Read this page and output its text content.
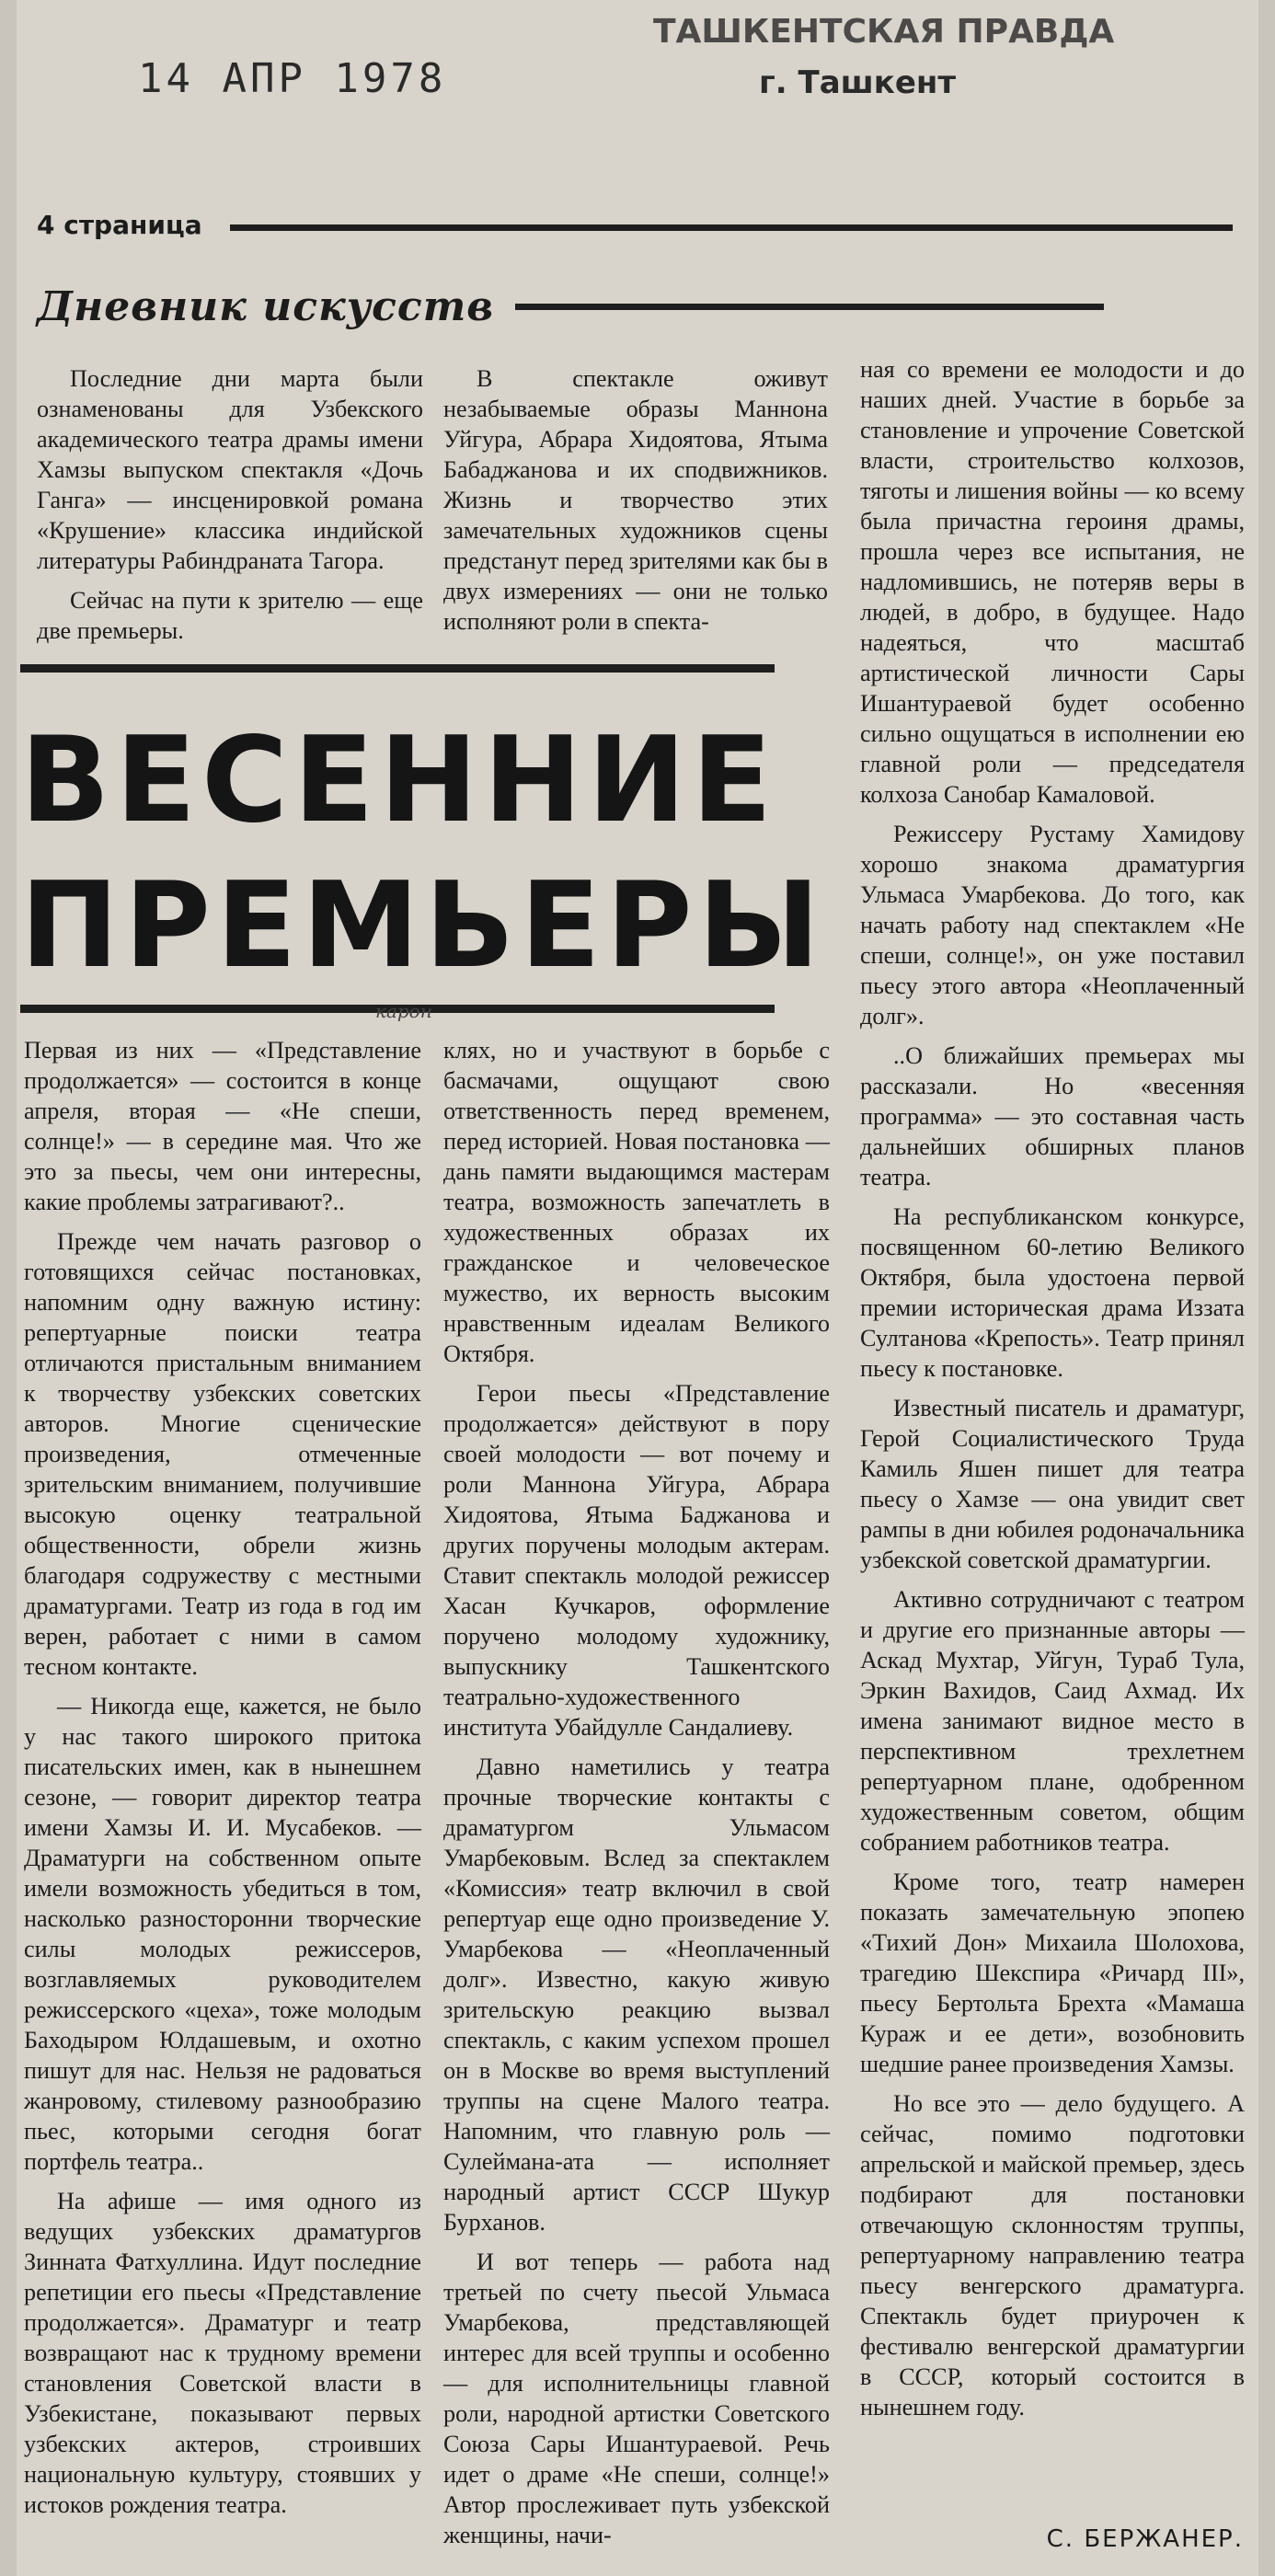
14 АПР 1978
ТАШКЕНТСКАЯ ПРАВДА
г. Ташкент
4 страница
Дневник искусств

Последние дни марта были ознаменованы для Узбекского академического театра драмы имени Хамзы выпуском спектакля «Дочь Ганга» — инсценировкой романа «Крушение» классика индийской литературы Рабиндраната Тагора.

Сейчас на пути к зрителю — еще две премьеры.

В спектакле оживут незабываемые образы Маннона Уйгура, Абрара Хидоятова, Ятыма Бабаджанова и их сподвижников. Жизнь и творчество этих замечательных художников сцены предстанут перед зрителями как бы в двух измерениях — они не только исполняют роли в спекта-

ВЕСЕННИЕ
ПРЕМЬЕРЫ
карон

Первая из них — «Представление продолжается» — состоится в конце апреля, вторая — «Не спеши, солнце!» — в середине мая. Что же это за пьесы, чем они интересны, какие проблемы затрагивают?..

Прежде чем начать разговор о готовящихся сейчас постановках, напомним одну важную истину: репертуарные поиски театра отличаются пристальным вниманием к творчеству узбекских советских авторов. Многие сценические произведения, отмеченные зрительским вниманием, получившие высокую оценку театральной общественности, обрели жизнь благодаря содружеству с местными драматургами. Театр из года в год им верен, работает с ними в самом тесном контакте.

— Никогда еще, кажется, не было у нас такого широкого притока писательских имен, как в нынешнем сезоне, — говорит директор театра имени Хамзы И. И. Мусабеков. — Драматурги на собственном опыте имели возможность убедиться в том, насколько разносторонни творческие силы молодых режиссеров, возглавляемых руководителем режиссерского «цеха», тоже молодым Баходыром Юлдашевым, и охотно пишут для нас. Нельзя не радоваться жанровому, стилевому разнообразию пьес, которыми сегодня богат портфель театра..

На афише — имя одного из ведущих узбекских драматургов Зинната Фатхуллина. Идут последние репетиции его пьесы «Представление продолжается». Драматург и театр возвращают нас к трудному времени становления Советской власти в Узбекистане, показывают первых узбекских актеров, строивших национальную культуру, стоявших у истоков рождения театра.

клях, но и участвуют в борьбе с басмачами, ощущают свою ответственность перед временем, перед историей. Новая постановка — дань памяти выдающимся мастерам театра, возможность запечатлеть в художественных образах их гражданское и человеческое мужество, их верность высоким нравственным идеалам Великого Октября.

Герои пьесы «Представление продолжается» действуют в пору своей молодости — вот почему и роли Маннона Уйгура, Абрара Хидоятова, Ятыма Баджанова и других поручены молодым актерам. Ставит спектакль молодой режиссер Хасан Кучкаров, оформление поручено молодому художнику, выпускнику Ташкентского театрально-художественного института Убайдулле Сандалиеву.

Давно наметились у театра прочные творческие контакты с драматургом Ульмасом Умарбековым. Вслед за спектаклем «Комиссия» театр включил в свой репертуар еще одно произведение У. Умарбекова — «Неоплаченный долг». Известно, какую живую зрительскую реакцию вызвал спектакль, с каким успехом прошел он в Москве во время выступлений труппы на сцене Малого театра. Напомним, что главную роль — Сулеймана-ата — исполняет народный артист СССР Шукур Бурханов.

И вот теперь — работа над третьей по счету пьесой Ульмаса Умарбекова, представляющей интерес для всей труппы и особенно — для исполнительницы главной роли, народной артистки Советского Союза Сары Ишантураевой. Речь идет о драме «Не спеши, солнце!» Автор прослеживает путь узбекской женщины, начи-

ная со времени ее молодости и до наших дней. Участие в борьбе за становление и упрочение Советской власти, строительство колхозов, тяготы и лишения войны — ко всему была причастна героиня драмы, прошла через все испытания, не надломившись, не потеряв веры в людей, в добро, в будущее. Надо надеяться, что масштаб артистической личности Сары Ишантураевой будет особенно сильно ощущаться в исполнении ею главной роли — председателя колхоза Санобар Камаловой.

Режиссеру Рустаму Хамидову хорошо знакома драматургия Ульмаса Умарбекова. До того, как начать работу над спектаклем «Не спеши, солнце!», он уже поставил пьесу этого автора «Неоплаченный долг».

..О ближайших премьерах мы рассказали. Но «весенняя программа» — это составная часть дальнейших обширных планов театра.

На республиканском конкурсе, посвященном 60-летию Великого Октября, была удостоена первой премии историческая драма Иззата Султанова «Крепость». Театр принял пьесу к постановке.

Известный писатель и драматург, Герой Социалистического Труда Камиль Яшен пишет для театра пьесу о Хамзе — она увидит свет рампы в дни юбилея родоначальника узбекской советской драматургии.

Активно сотрудничают с театром и другие его признанные авторы — Аскад Мухтар, Уйгун, Тураб Тула, Эркин Вахидов, Саид Ахмад. Их имена занимают видное место в перспективном трехлетнем репертуарном плане, одобренном художественным советом, общим собранием работников театра.

Кроме того, театр намерен показать замечательную эпопею «Тихий Дон» Михаила Шолохова, трагедию Шекспира «Ричард III», пьесу Бертольта Брехта «Мамаша Кураж и ее дети», возобновить шедшие ранее произведения Хамзы.

Но все это — дело будущего. А сейчас, помимо подготовки апрельской и майской премьер, здесь подбирают для постановки отвечающую склонностям труппы, репертуарному направлению театра пьесу венгерского драматурга. Спектакль будет приурочен к фестивалю венгерской драматургии в СССР, который состоится в нынешнем году.

С. БЕРЖАНЕР.
